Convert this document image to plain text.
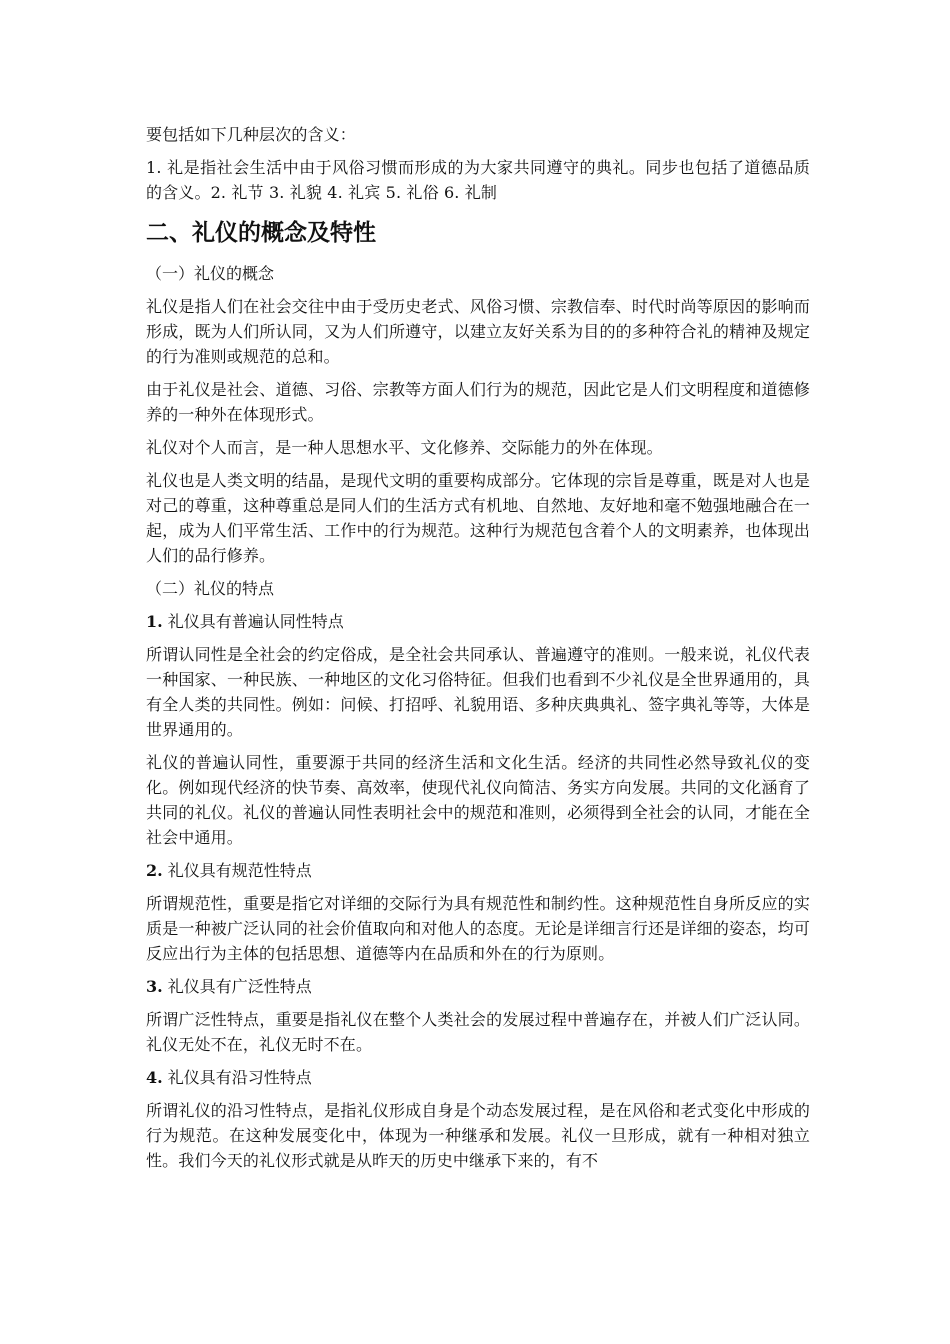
要包括如下几种层次的含义：

1. 礼是指社会生活中由于风俗习惯而形成的为大家共同遵守的典礼。同步也包括了道德品质的含义。2. 礼节 3. 礼貌 4. 礼宾 5. 礼俗 6. 礼制

二、礼仪的概念及特性

（一）礼仪的概念

礼仪是指人们在社会交往中由于受历史老式、风俗习惯、宗教信奉、时代时尚等原因的影响而形成，既为人们所认同，又为人们所遵守，以建立友好关系为目的的多种符合礼的精神及规定的行为准则或规范的总和。

由于礼仪是社会、道德、习俗、宗教等方面人们行为的规范，因此它是人们文明程度和道德修养的一种外在体现形式。

礼仪对个人而言，是一种人思想水平、文化修养、交际能力的外在体现。

礼仪也是人类文明的结晶，是现代文明的重要构成部分。它体现的宗旨是尊重，既是对人也是对己的尊重，这种尊重总是同人们的生活方式有机地、自然地、友好地和毫不勉强地融合在一起，成为人们平常生活、工作中的行为规范。这种行为规范包含着个人的文明素养，也体现出人们的品行修养。

（二）礼仪的特点

1. 礼仪具有普遍认同性特点

所谓认同性是全社会的约定俗成，是全社会共同承认、普遍遵守的准则。一般来说，礼仪代表一种国家、一种民族、一种地区的文化习俗特征。但我们也看到不少礼仪是全世界通用的，具有全人类的共同性。例如：问候、打招呼、礼貌用语、多种庆典典礼、签字典礼等等，大体是世界通用的。

礼仪的普遍认同性，重要源于共同的经济生活和文化生活。经济的共同性必然导致礼仪的变化。例如现代经济的快节奏、高效率，使现代礼仪向简洁、务实方向发展。共同的文化涵育了共同的礼仪。礼仪的普遍认同性表明社会中的规范和准则，必须得到全社会的认同，才能在全社会中通用。

2. 礼仪具有规范性特点

所谓规范性，重要是指它对详细的交际行为具有规范性和制约性。这种规范性自身所反应的实质是一种被广泛认同的社会价值取向和对他人的态度。无论是详细言行还是详细的姿态，均可反应出行为主体的包括思想、道德等内在品质和外在的行为原则。

3. 礼仪具有广泛性特点

所谓广泛性特点，重要是指礼仪在整个人类社会的发展过程中普遍存在，并被人们广泛认同。礼仪无处不在，礼仪无时不在。

4. 礼仪具有沿习性特点

所谓礼仪的沿习性特点，是指礼仪形成自身是个动态发展过程，是在风俗和老式变化中形成的行为规范。在这种发展变化中，体现为一种继承和发展。礼仪一旦形成，就有一种相对独立性。我们今天的礼仪形式就是从昨天的历史中继承下来的，有不
